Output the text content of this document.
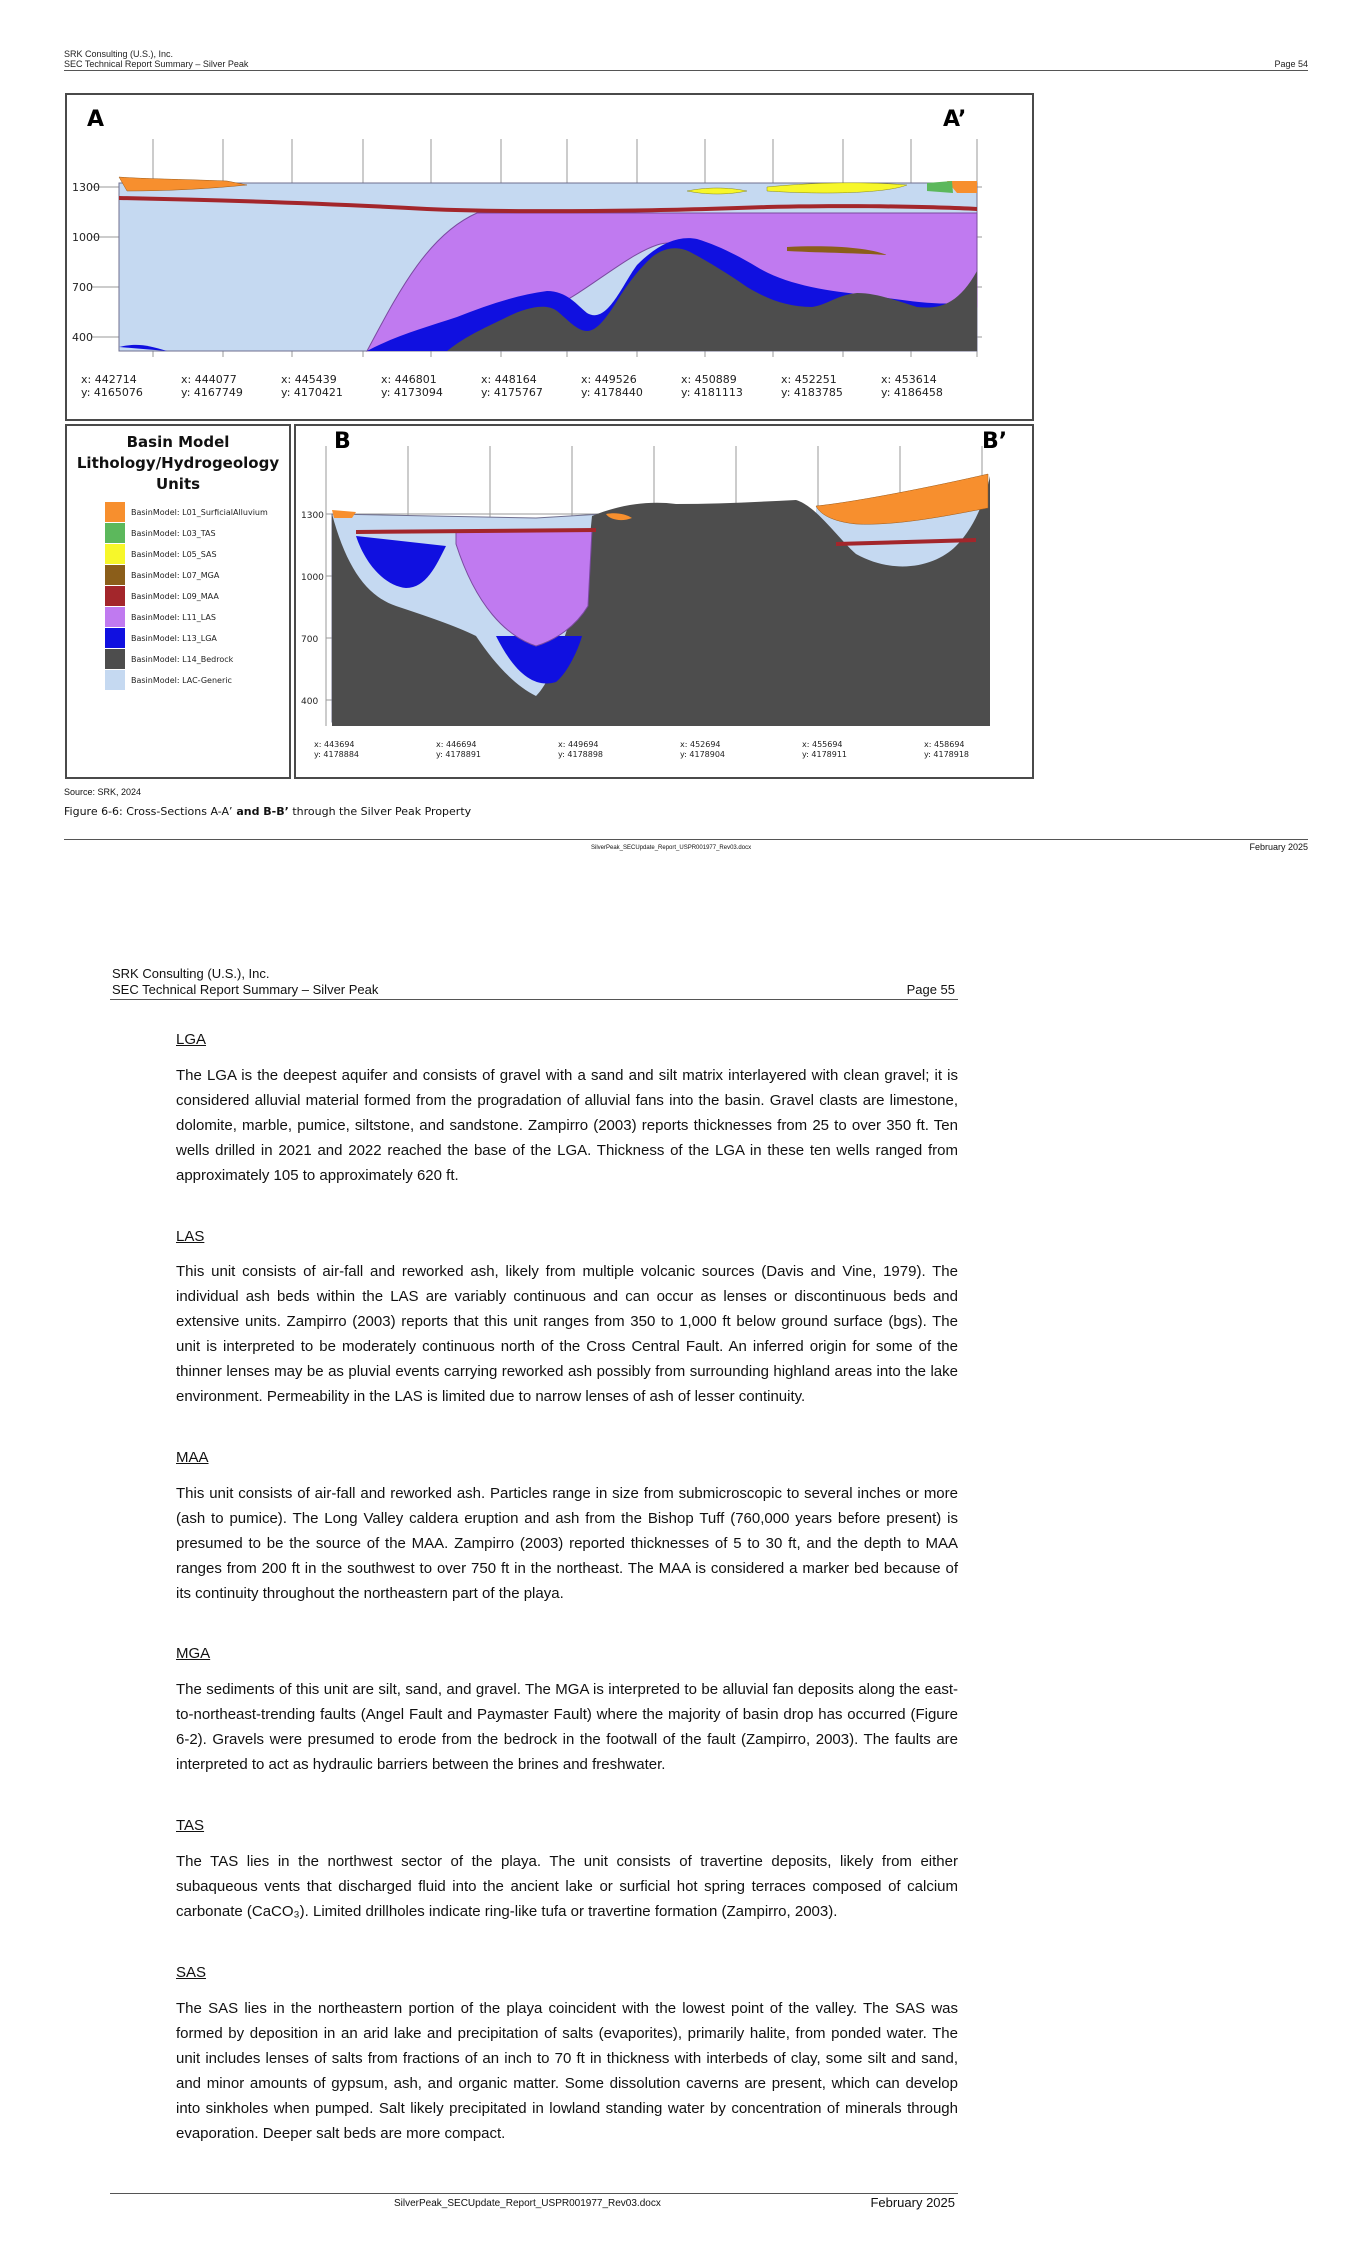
SRK Consulting (U.S.), Inc.
SEC Technical Report Summary – Silver Peak	Page 54
A	A’
1300
1000
700
400
x: 442714
y: 4165076
x: 444077
y: 4167749
x: 445439
y: 4170421
x: 446801
y: 4173094
x: 448164
y: 4175767
x: 449526
y: 4178440
x: 450889
y: 4181113
x: 452251
y: 4183785
x: 453614
y: 4186458
Basin Model
Lithology/Hydrogeology Units
BasinModel: L01_SurficialAlluvium
BasinModel: L03_TAS
BasinModel: L05_SAS
BasinModel: L07_MGA
BasinModel: L09_MAA
BasinModel: L11_LAS
BasinModel: L13_LGA
BasinModel: L14_Bedrock
BasinModel: LAC-Generic
B	B’
1300
1000
700
400
x: 443694
y: 4178884
x: 446694
y: 4178891
x: 449694
y: 4178898
x: 452694
y: 4178904
x: 455694
y: 4178911
x: 458694
y: 4178918
Source: SRK, 2024
Figure 6-6: Cross-Sections A-A’ and B-B’ through the Silver Peak Property
SilverPeak_SECUpdate_Report_USPR001977_Rev03.docx	February 2025
SRK Consulting (U.S.), Inc.
SEC Technical Report Summary – Silver Peak	Page 55
LGA
The LGA is the deepest aquifer and consists of gravel with a sand and silt matrix interlayered with clean gravel; it is considered alluvial material formed from the progradation of alluvial fans into the basin. Gravel clasts are limestone, dolomite, marble, pumice, siltstone, and sandstone. Zampirro (2003) reports thicknesses from 25 to over 350 ft. Ten wells drilled in 2021 and 2022 reached the base of the LGA. Thickness of the LGA in these ten wells ranged from approximately 105 to approximately 620 ft.
LAS
This unit consists of air-fall and reworked ash, likely from multiple volcanic sources (Davis and Vine, 1979). The individual ash beds within the LAS are variably continuous and can occur as lenses or discontinuous beds and extensive units. Zampirro (2003) reports that this unit ranges from 350 to 1,000 ft below ground surface (bgs). The unit is interpreted to be moderately continuous north of the Cross Central Fault. An inferred origin for some of the thinner lenses may be as pluvial events carrying reworked ash possibly from surrounding highland areas into the lake environment. Permeability in the LAS is limited due to narrow lenses of ash of lesser continuity.
MAA
This unit consists of air-fall and reworked ash. Particles range in size from submicroscopic to several inches or more (ash to pumice). The Long Valley caldera eruption and ash from the Bishop Tuff (760,000 years before present) is presumed to be the source of the MAA. Zampirro (2003) reported thicknesses of 5 to 30 ft, and the depth to MAA ranges from 200 ft in the southwest to over 750 ft in the northeast. The MAA is considered a marker bed because of its continuity throughout the northeastern part of the playa.
MGA
The sediments of this unit are silt, sand, and gravel. The MGA is interpreted to be alluvial fan deposits along the east-to-northeast-trending faults (Angel Fault and Paymaster Fault) where the majority of basin drop has occurred (Figure 6-2). Gravels were presumed to erode from the bedrock in the footwall of the fault (Zampirro, 2003). The faults are interpreted to act as hydraulic barriers between the brines and freshwater.
TAS
The TAS lies in the northwest sector of the playa. The unit consists of travertine deposits, likely from either subaqueous vents that discharged fluid into the ancient lake or surficial hot spring terraces composed of calcium carbonate (CaCO₃). Limited drillholes indicate ring-like tufa or travertine formation (Zampirro, 2003).
SAS
The SAS lies in the northeastern portion of the playa coincident with the lowest point of the valley. The SAS was formed by deposition in an arid lake and precipitation of salts (evaporites), primarily halite, from ponded water. The unit includes lenses of salts from fractions of an inch to 70 ft in thickness with interbeds of clay, some silt and sand, and minor amounts of gypsum, ash, and organic matter. Some dissolution caverns are present, which can develop into sinkholes when pumped. Salt likely precipitated in lowland standing water by concentration of minerals through evaporation. Deeper salt beds are more compact.
SilverPeak_SECUpdate_Report_USPR001977_Rev03.docx	February 2025
